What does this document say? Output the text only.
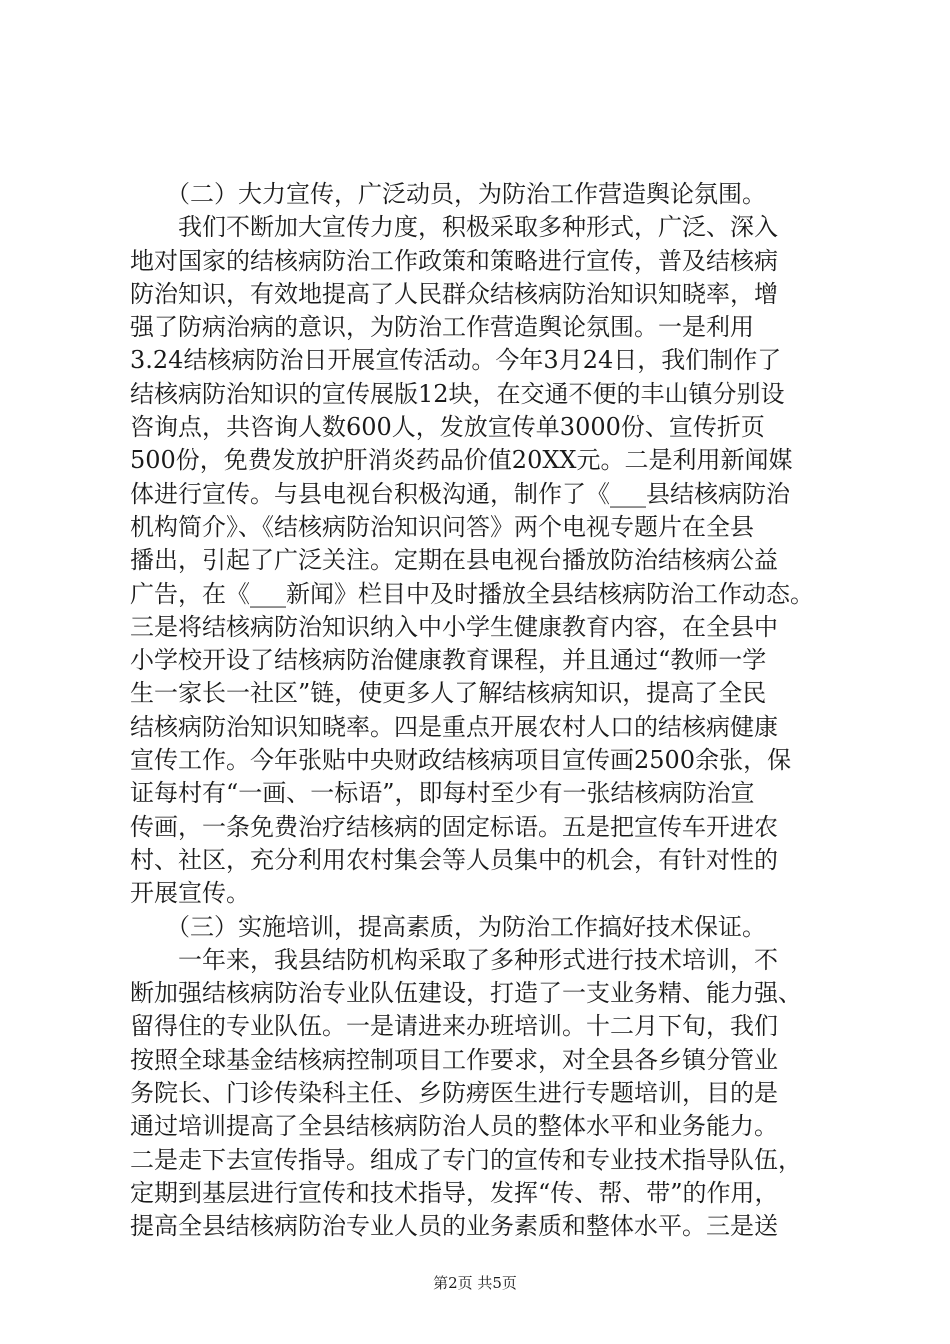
　　（二）大力宣传，广泛动员，为防治工作营造舆论氛围。
　　我们不断加大宣传力度，积极采取多种形式，广泛、深入
地对国家的结核病防治工作政策和策略进行宣传，普及结核病
防治知识，有效地提高了人民群众结核病防治知识知晓率，增
强了防病治病的意识，为防治工作营造舆论氛围。一是利用
3.24结核病防治日开展宣传活动。今年3月24日，我们制作了
结核病防治知识的宣传展版12块，在交通不便的丰山镇分别设
咨询点，共咨询人数600人，发放宣传单3000份、宣传折页
500份，免费发放护肝消炎药品价值20XX元。二是利用新闻媒
体进行宣传。与县电视台积极沟通，制作了《___县结核病防治
机构简介》、《结核病防治知识问答》两个电视专题片在全县
播出，引起了广泛关注。定期在县电视台播放防治结核病公益
广告，在《___新闻》栏目中及时播放全县结核病防治工作动态。
三是将结核病防治知识纳入中小学生健康教育内容，在全县中
小学校开设了结核病防治健康教育课程，并且通过“教师一学
生一家长一社区”链，使更多人了解结核病知识，提高了全民
结核病防治知识知晓率。四是重点开展农村人口的结核病健康
宣传工作。今年张贴中央财政结核病项目宣传画2500余张，保
证每村有“一画、一标语”，即每村至少有一张结核病防治宣
传画，一条免费治疗结核病的固定标语。五是把宣传车开进农
村、社区，充分利用农村集会等人员集中的机会，有针对性的
开展宣传。
　　（三）实施培训，提高素质，为防治工作搞好技术保证。
　　一年来，我县结防机构采取了多种形式进行技术培训，不
断加强结核病防治专业队伍建设，打造了一支业务精、能力强、
留得住的专业队伍。一是请进来办班培训。十二月下旬，我们
按照全球基金结核病控制项目工作要求，对全县各乡镇分管业
务院长、门诊传染科主任、乡防痨医生进行专题培训，目的是
通过培训提高了全县结核病防治人员的整体水平和业务能力。
二是走下去宣传指导。组成了专门的宣传和专业技术指导队伍，
定期到基层进行宣传和技术指导，发挥“传、帮、带”的作用，
提高全县结核病防治专业人员的业务素质和整体水平。三是送
第2页 共5页
